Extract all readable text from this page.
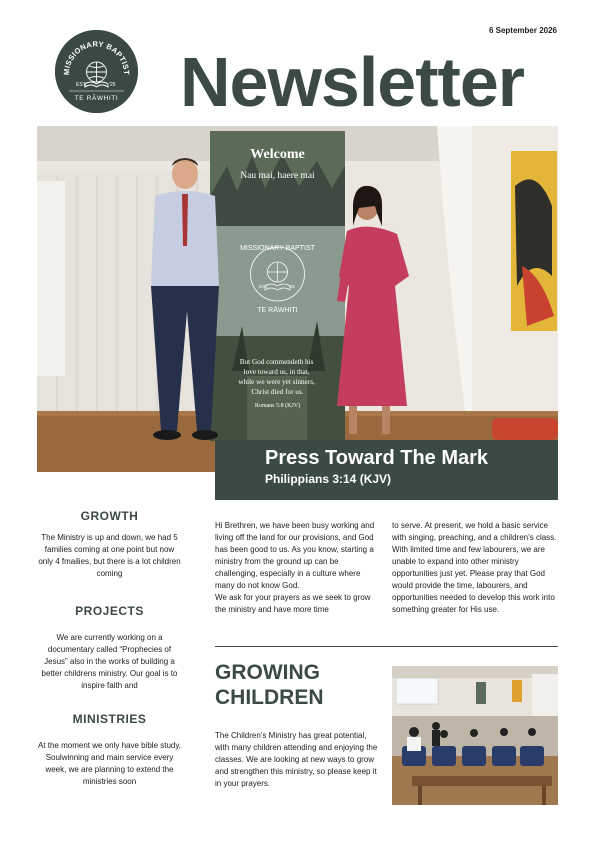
MISSIONARY BAPTIST
EST.	'25
TE RĀWHITI
6 September 2026
Newsletter
Welcome
Nau mai, haere mai
MISSIONARY BAPTIST
EST.	'25
TE RĀWHITI
But God commendeth his love toward us, in that, while we were yet sinners, Christ died for us.
Romans 5:8 (KJV)
Press Toward The Mark
Philippians 3:14 (KJV)
GROWTH
The Ministry is up and down, we had 5 families coming at one point but now only 4 fmailies, but there is a lot children coming
PROJECTS
We are currently working on a documentary called “Prophecies of Jesus” also in the works of building a better childrens ministry. Our goal is to inspire faith and
MINISTRIES
At the moment we only have bible study, Soulwinning and main service every week, we are planning to extend the ministries soon

Hi Brethren, we have been busy working and living off the land for our provisions, and God has been good to us. As you know, starting a ministry from the ground up can be challenging, especially in a culture where many do not know God.

We ask for your prayers as we seek to grow the ministry and have more time

to serve. At present, we hold a basic service with singing, preaching, and a children’s class. With limited time and few labourers, we are unable to expand into other ministry opportunities just yet. Please pray that God would provide the time, labourers, and opportunities needed to develop this work into something greater for His use.

GROWING CHILDREN
The Children’s Ministry has great potential, with many children attending and enjoying the classes. We are looking at new ways to grow and strengthen this ministry, so please keep it in your prayers.
